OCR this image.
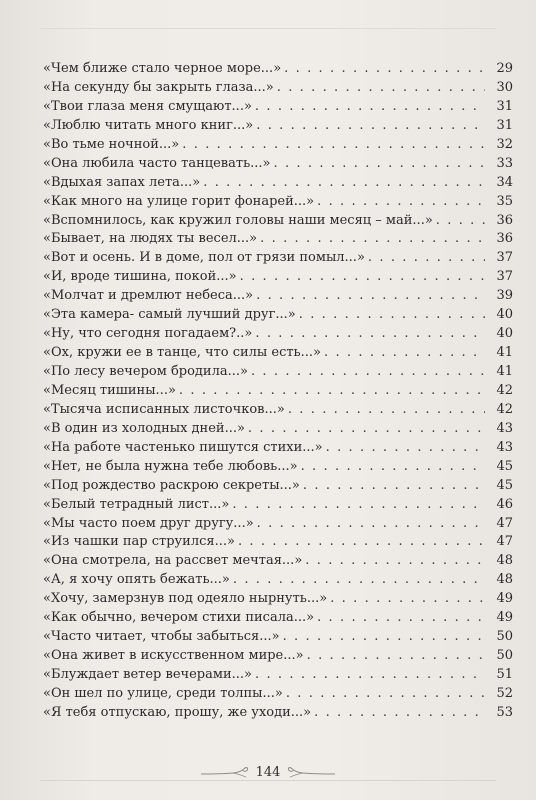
«Чем ближе стало черное море...» . . .	29
«На секунду бы закрыть глаза...» . . .	30
«Твои глаза меня смущают...» . . .	31
«Люблю читать много книг...» . . .	31
«Во тьме ночной...» . . .	32
«Она любила часто танцевать...» . . .	33
«Вдыхая запах лета...» . . .	34
«Как много на улице горит фонарей...» . . .	35
«Вспомнилось, как кружил головы наши месяц – май...» . . .	36
«Бывает, на людях ты весел...» . . .	36
«Вот и осень. И в доме, пол от грязи помыл...» . . .	37
«И, вроде тишина, покой...» . . .	37
«Молчат и дремлют небеса...» . . .	39
«Эта камера- самый лучший друг...» . . .	40
«Ну, что сегодня погадаем?..» . . .	40
«Ох, кружи ее в танце, что силы есть...» . . .	41
«По лесу вечером бродила...» . . .	41
«Месяц тишины...» . . .	42
«Тысяча исписанных листочков...» . . .	42
«В один из холодных дней...» . . .	43
«На работе частенько пишутся стихи...» . . .	43
«Нет, не была нужна тебе любовь...» . . .	45
«Под рождество раскрою секреты...» . . .	45
«Белый тетрадный лист...» . . .	46
«Мы часто поем друг другу...» . . .	47
«Из чашки пар струился...» . . .	47
«Она смотрела, на рассвет мечтая...» . . .	48
«А, я хочу опять бежать...» . . .	48
«Хочу, замерзнув под одеяло нырнуть...» . . .	49
«Как обычно, вечером стихи писала...» . . .	49
«Часто читает, чтобы забыться...» . . .	50
«Она живет в искусственном мире...» . . .	50
«Блуждает ветер вечерами...» . . .	51
«Он шел по улице, среди толпы...» . . .	52
«Я тебя отпускаю, прошу, же уходи...» . . .	53
144
